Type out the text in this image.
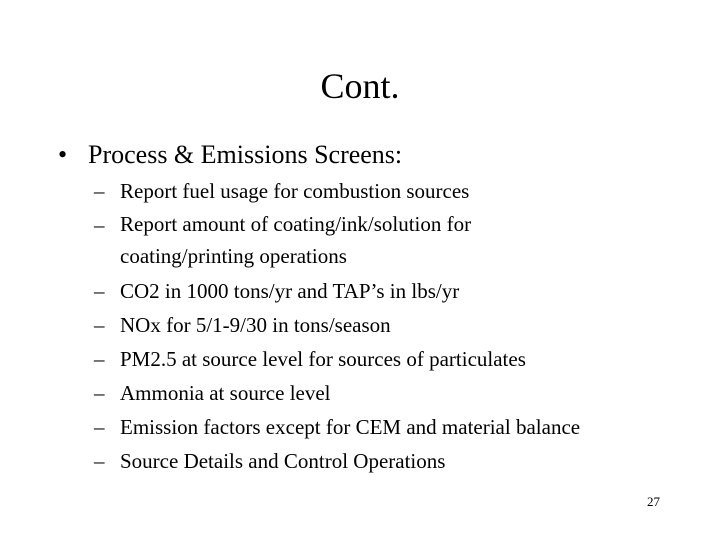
Cont.
• Process & Emissions Screens:
– Report fuel usage for combustion sources
– Report amount of coating/ink/solution for coating/printing operations
– CO2 in 1000 tons/yr and TAP’s in lbs/yr
– NOx for 5/1-9/30 in tons/season
– PM2.5 at source level for sources of particulates
– Ammonia at source level
– Emission factors except for CEM and material balance
– Source Details and Control Operations
27
